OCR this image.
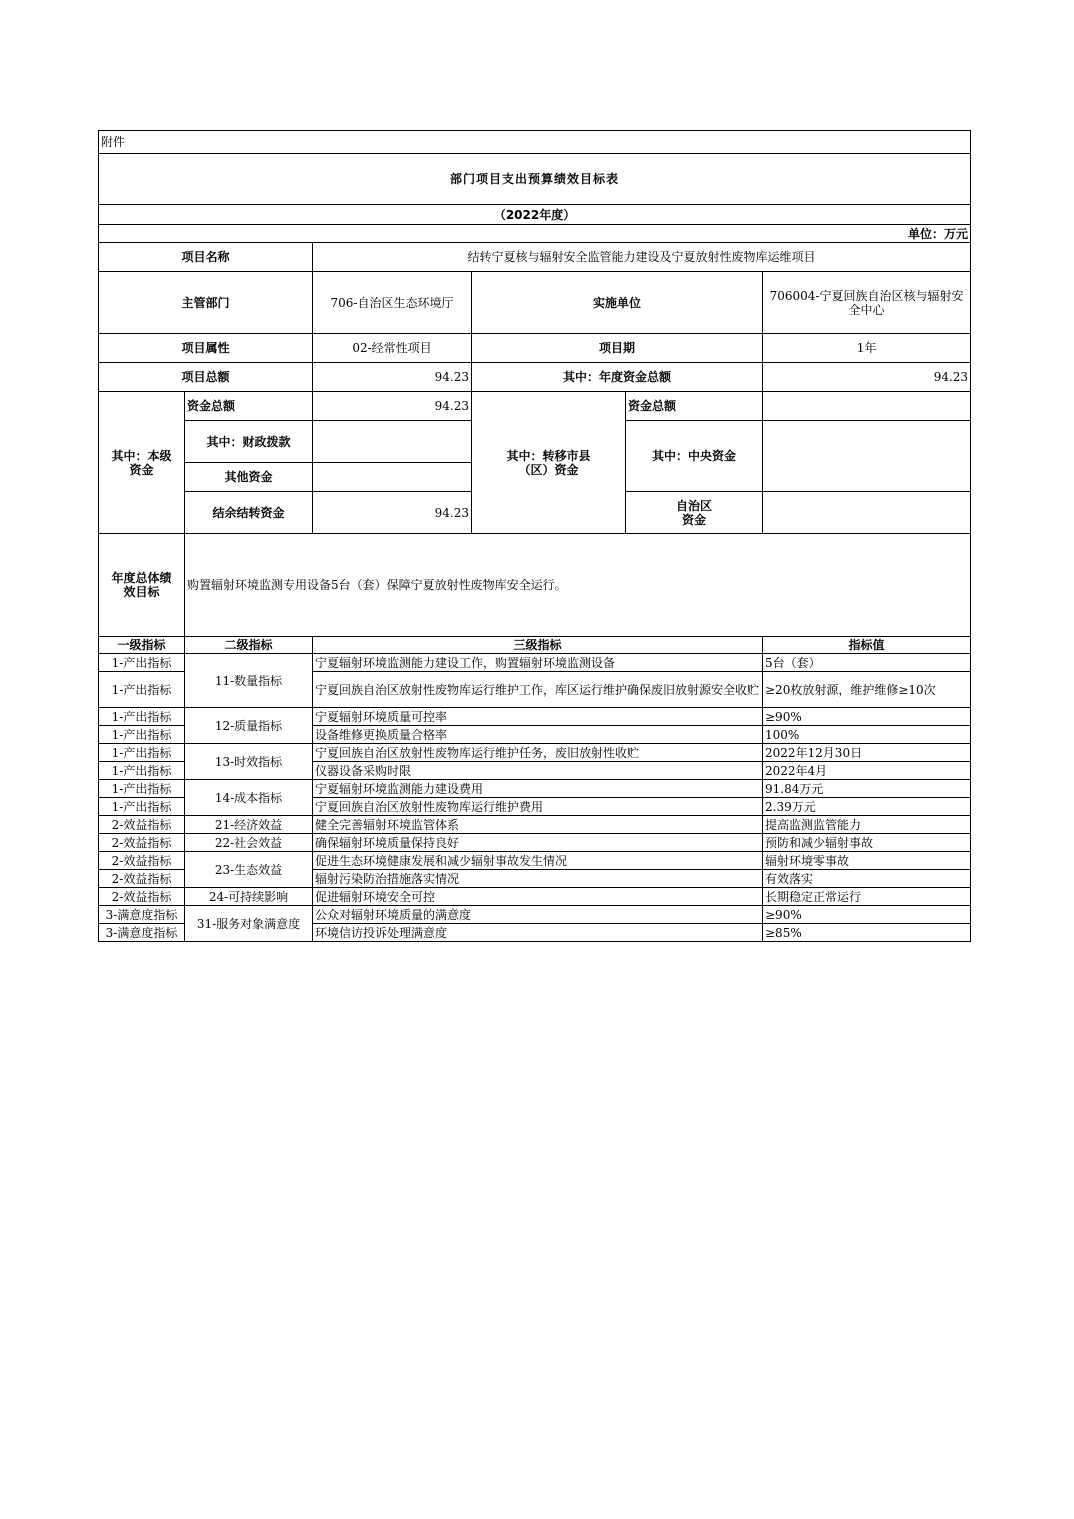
附件					
部门项目支出预算绩效目标表					
（2022年度）					
单位：万元					
项目名称		结转宁夏核与辐射安全监管能力建设及宁夏放射性废物库运维项目			
主管部门		706-自治区生态环境厅	实施单位		706004-宁夏回族自治区核与辐射安全中心
项目属性		02-经常性项目	项目期		1年
项目总额		94.23	其中：年度资金总额		94.23
其中：本级资金	资金总额	94.23	其中：转移市县（区）资金	资金总额	
	其中：财政拨款			其中：中央资金	
	其他资金				
	结余结转资金	94.23		自治区资金	
年度总体绩效目标	购置辐射环境监测专用设备5台（套）保障宁夏放射性废物库安全运行。				
一级指标	二级指标	三级指标			指标值
1-产出指标	11-数量指标	宁夏辐射环境监测能力建设工作，购置辐射环境监测设备			5台（套）
1-产出指标		宁夏回族自治区放射性废物库运行维护工作，库区运行维护确保废旧放射源安全收贮			≥20枚放射源，维护维修≥10次
1-产出指标	12-质量指标	宁夏辐射环境质量可控率			≥90%
1-产出指标		设备维修更换质量合格率			100%
1-产出指标	13-时效指标	宁夏回族自治区放射性废物库运行维护任务，废旧放射性收贮			2022年12月30日
1-产出指标		仪器设备采购时限			2022年4月
1-产出指标	14-成本指标	宁夏辐射环境监测能力建设费用			91.84万元
1-产出指标		宁夏回族自治区放射性废物库运行维护费用			2.39万元
2-效益指标	21-经济效益	健全完善辐射环境监管体系			提高监测监管能力
2-效益指标	22-社会效益	确保辐射环境质量保持良好			预防和减少辐射事故
2-效益指标	23-生态效益	促进生态环境健康发展和减少辐射事故发生情况			辐射环境零事故
2-效益指标		辐射污染防治措施落实情况			有效落实
2-效益指标	24-可持续影响	促进辐射环境安全可控			长期稳定正常运行
3-满意度指标	31-服务对象满意度	公众对辐射环境质量的满意度			≥90%
3-满意度指标		环境信访投诉处理满意度			≥85%
